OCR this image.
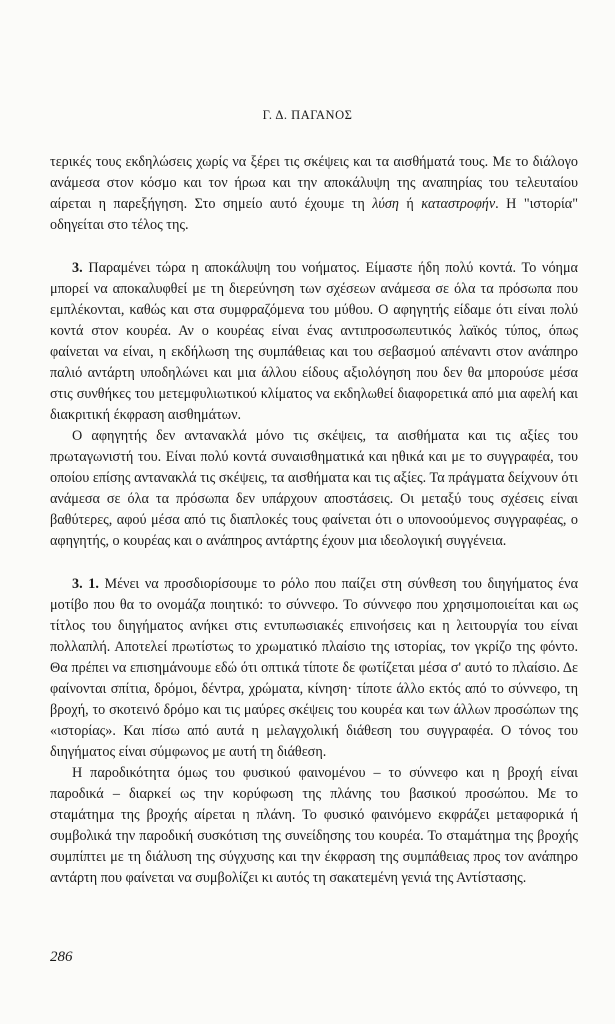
Γ. Δ. ΠΑΓΑΝΟΣ

τερικές τους εκδηλώσεις χωρίς να ξέρει τις σκέψεις και τα αισθήματά τους. Με το διάλογο ανάμεσα στον κόσμο και τον ήρωα και την αποκάλυψη της αναπηρίας του τελευταίου αίρεται η παρεξήγηση. Στο σημείο αυτό έχουμε τη λύση ή καταστροφήν. Η "ιστορία" οδηγείται στο τέλος της.

3. Παραμένει τώρα η αποκάλυψη του νοήματος. Είμαστε ήδη πολύ κοντά. Το νόημα μπορεί να αποκαλυφθεί με τη διερεύνηση των σχέσεων ανάμεσα σε όλα τα πρόσωπα που εμπλέκονται, καθώς και στα συμφραζόμενα του μύθου. Ο αφηγητής είδαμε ότι είναι πολύ κοντά στον κουρέα. Αν ο κουρέας είναι ένας αντιπροσωπευτικός λαϊκός τύπος, όπως φαίνεται να είναι, η εκδήλωση της συμπάθειας και του σεβασμού απέναντι στον ανάπηρο παλιό αντάρτη υποδηλώνει και μια άλλου είδους αξιολόγηση που δεν θα μπορούσε μέσα στις συνθήκες του μετεμφυλιωτικού κλίματος να εκδηλωθεί διαφορετικά από μια αφελή και διακριτική έκφραση αισθημάτων.

Ο αφηγητής δεν αντανακλά μόνο τις σκέψεις, τα αισθήματα και τις αξίες του πρωταγωνιστή του. Είναι πολύ κοντά συναισθηματικά και ηθικά και με το συγγραφέα, του οποίου επίσης αντανακλά τις σκέψεις, τα αισθήματα και τις αξίες. Τα πράγματα δείχνουν ότι ανάμεσα σε όλα τα πρόσωπα δεν υπάρχουν αποστάσεις. Οι μεταξύ τους σχέσεις είναι βαθύτερες, αφού μέσα από τις διαπλοκές τους φαίνεται ότι ο υπονοούμενος συγγραφέας, ο αφηγητής, ο κουρέας και ο ανάπηρος αντάρτης έχουν μια ιδεολογική συγγένεια.

3. 1. Μένει να προσδιορίσουμε το ρόλο που παίζει στη σύνθεση του διηγήματος ένα μοτίβο που θα το ονομάζα ποιητικό: το σύννεφο. Το σύννεφο που χρησιμοποιείται και ως τίτλος του διηγήματος ανήκει στις εντυπωσιακές επινοήσεις και η λειτουργία του είναι πολλαπλή. Αποτελεί πρωτίστως το χρωματικό πλαίσιο της ιστορίας, τον γκρίζο της φόντο. Θα πρέπει να επισημάνουμε εδώ ότι οπτικά τίποτε δε φωτίζεται μέσα σ' αυτό το πλαίσιο. Δε φαίνονται σπίτια, δρόμοι, δέντρα, χρώματα, κίνηση· τίποτε άλλο εκτός από το σύννεφο, τη βροχή, το σκοτεινό δρόμο και τις μαύρες σκέψεις του κουρέα και των άλλων προσώπων της «ιστορίας». Και πίσω από αυτά η μελαγχολική διάθεση του συγγραφέα. Ο τόνος του διηγήματος είναι σύμφωνος με αυτή τη διάθεση.

Η παροδικότητα όμως του φυσικού φαινομένου – το σύννεφο και η βροχή είναι παροδικά – διαρκεί ως την κορύφωση της πλάνης του βασικού προσώπου. Με το σταμάτημα της βροχής αίρεται η πλάνη. Το φυσικό φαινόμενο εκφράζει μεταφορικά ή συμβολικά την παροδική συσκότιση της συνείδησης του κουρέα. Το σταμάτημα της βροχής συμπίπτει με τη διάλυση της σύγχυσης και την έκφραση της συμπάθειας προς τον ανάπηρο αντάρτη που φαίνεται να συμβολίζει κι αυτός τη σακατεμένη γενιά της Αντίστασης.

286
